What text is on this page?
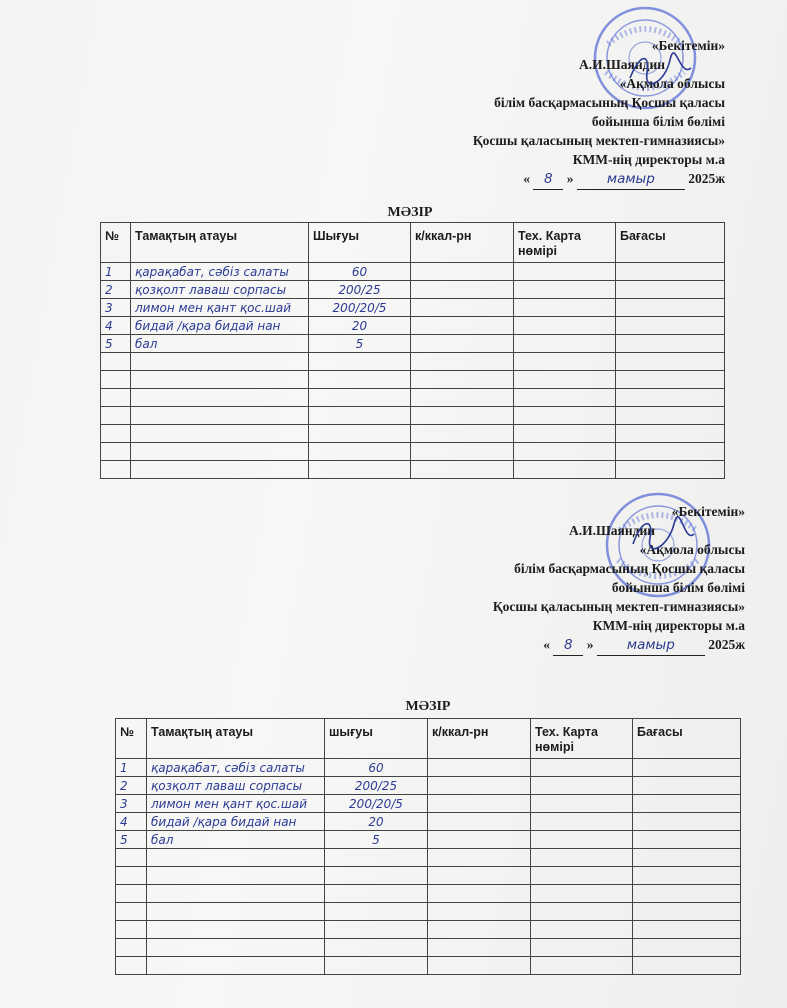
«Бекітемін»
А.И.Шаяндин
«Ақмола облысы
білім басқармасының Қосшы қаласы
бойынша білім бөлімі
Қосшы қаласының мектеп-гимназиясы»
КММ-нің директоры м.а
« 8 » мамыр 2025ж
МӘЗІР
№	Тамақтың атауы	Шығуы	к/ккал-рн	Тех. Карта нөмірі	Бағасы
1	қарақабат, сәбіз салаты	60			
2	қозқолт лаваш сорпасы	200/25			
3	лимон мен қант қос.шай	200/20/5			
4	бидай /қара бидай нан	20			
5	бал	5			

«Бекітемін»
А.И.Шаяндин
«Ақмола облысы
білім басқармасының Қосшы қаласы
бойынша білім бөлімі
Қосшы қаласының мектеп-гимназиясы»
КММ-нің директоры м.а
« 8 » мамыр 2025ж
МӘЗІР
№	Тамақтың атауы	шығуы	к/ккал-рн	Тех. Карта нөмірі	Бағасы
1	қарақабат, сәбіз салаты	60			
2	қозқолт лаваш сорпасы	200/25			
3	лимон мен қант қос.шай	200/20/5			
4	бидай /қара бидай нан	20			
5	бал	5			
